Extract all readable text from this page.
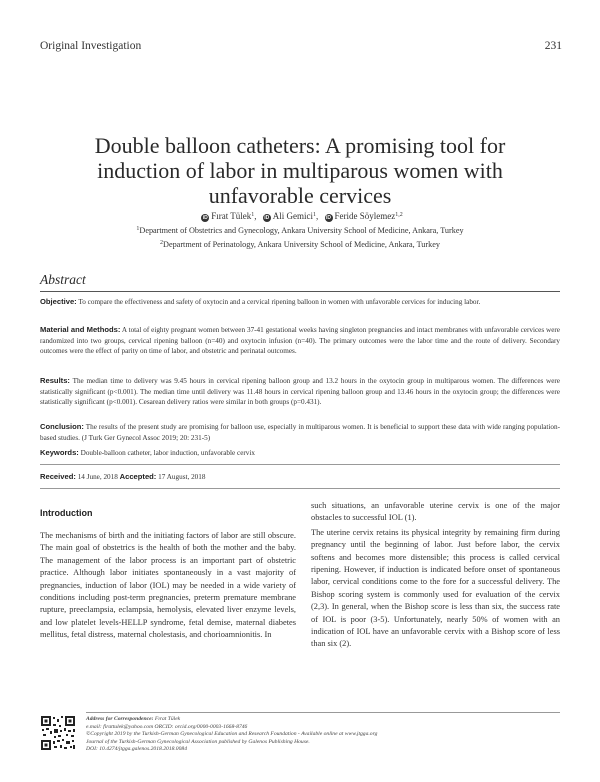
Original Investigation	231
Double balloon catheters: A promising tool for
induction of labor in multiparous women with
unfavorable cervices
iD Fırat Tülek$^1$, iD Ali Gemici$^1$, iD Feride Söylemez$^{1,2}$
$^1$Department of Obstetrics and Gynecology, Ankara University School of Medicine, Ankara, Turkey
$^2$Department of Perinatology, Ankara University School of Medicine, Ankara, Turkey
Abstract
Objective: To compare the effectiveness and safety of oxytocin and a cervical ripening balloon in women with unfavorable cervices for inducing labor.
Material and Methods: A total of eighty pregnant women between 37-41 gestational weeks having singleton pregnancies and intact membranes with unfavorable cervices were randomized into two groups, cervical ripening balloon (n=40) and oxytocin infusion (n=40). The primary outcomes were the labor time and the route of delivery. Secondary outcomes were the effect of parity on time of labor, and obstetric and perinatal outcomes.
Results: The median time to delivery was 9.45 hours in cervical ripening balloon group and 13.2 hours in the oxytocin group in multiparous women. The differences were statistically significant (p<0.001). The median time until delivery was 11.48 hours in cervical ripening balloon group and 13.46 hours in the oxytocin group; the differences were statistically significant (p<0.001). Cesarean delivery ratios were similar in both groups (p=0.431).
Conclusion: The results of the present study are promising for balloon use, especially in multiparous women. It is beneficial to support these data with wide ranging population-based studies. (J Turk Ger Gynecol Assoc 2019; 20: 231-5)
Keywords: Double-balloon catheter, labor induction, unfavorable cervix
Received: 14 June, 2018 Accepted: 17 August, 2018
Introduction
The mechanisms of birth and the initiating factors of labor are still obscure. The main goal of obstetrics is the health of both the mother and the baby. The management of the labor process is an important part of obstetric practice. Although labor initiates spontaneously in a vast majority of pregnancies, induction of labor (IOL) may be needed in a wide variety of conditions including post-term pregnancies, preterm premature membrane rupture, preeclampsia, eclampsia, hemolysis, elevated liver enzyme levels, and low platelet levels-HELLP syndrome, fetal demise, maternal diabetes mellitus, fetal distress, maternal cholestasis, and chorioamnionitis. In

such situations, an unfavorable uterine cervix is one of the major obstacles to successful IOL (1).

The uterine cervix retains its physical integrity by remaining firm during pregnancy until the beginning of labor. Just before labor, the cervix softens and becomes more distensible; this process is called cervical ripening. However, if induction is indicated before onset of spontaneous labor, cervical conditions come to the fore for a successful delivery. The Bishop scoring system is commonly used for evaluation of the cervix (2,3). In general, when the Bishop score is less than six, the success rate of IOL is poor (3-5). Unfortunately, nearly 50% of women with an indication of IOL have an unfavorable cervix with a Bishop score of less than six (2).

Address for Correspondence: Fırat Tülek
e.mail: firattulek@yahoo.com ORCID: orcid.org/0000-0003-1668-8746
©Copyright 2019 by the Turkish-German Gynecological Education and Research Foundation - Available online at www.jtgga.org
Journal of the Turkish-German Gynecological Association published by Galenos Publishing House.
DOI: 10.4274/jtgga.galenos.2018.2018.0084
